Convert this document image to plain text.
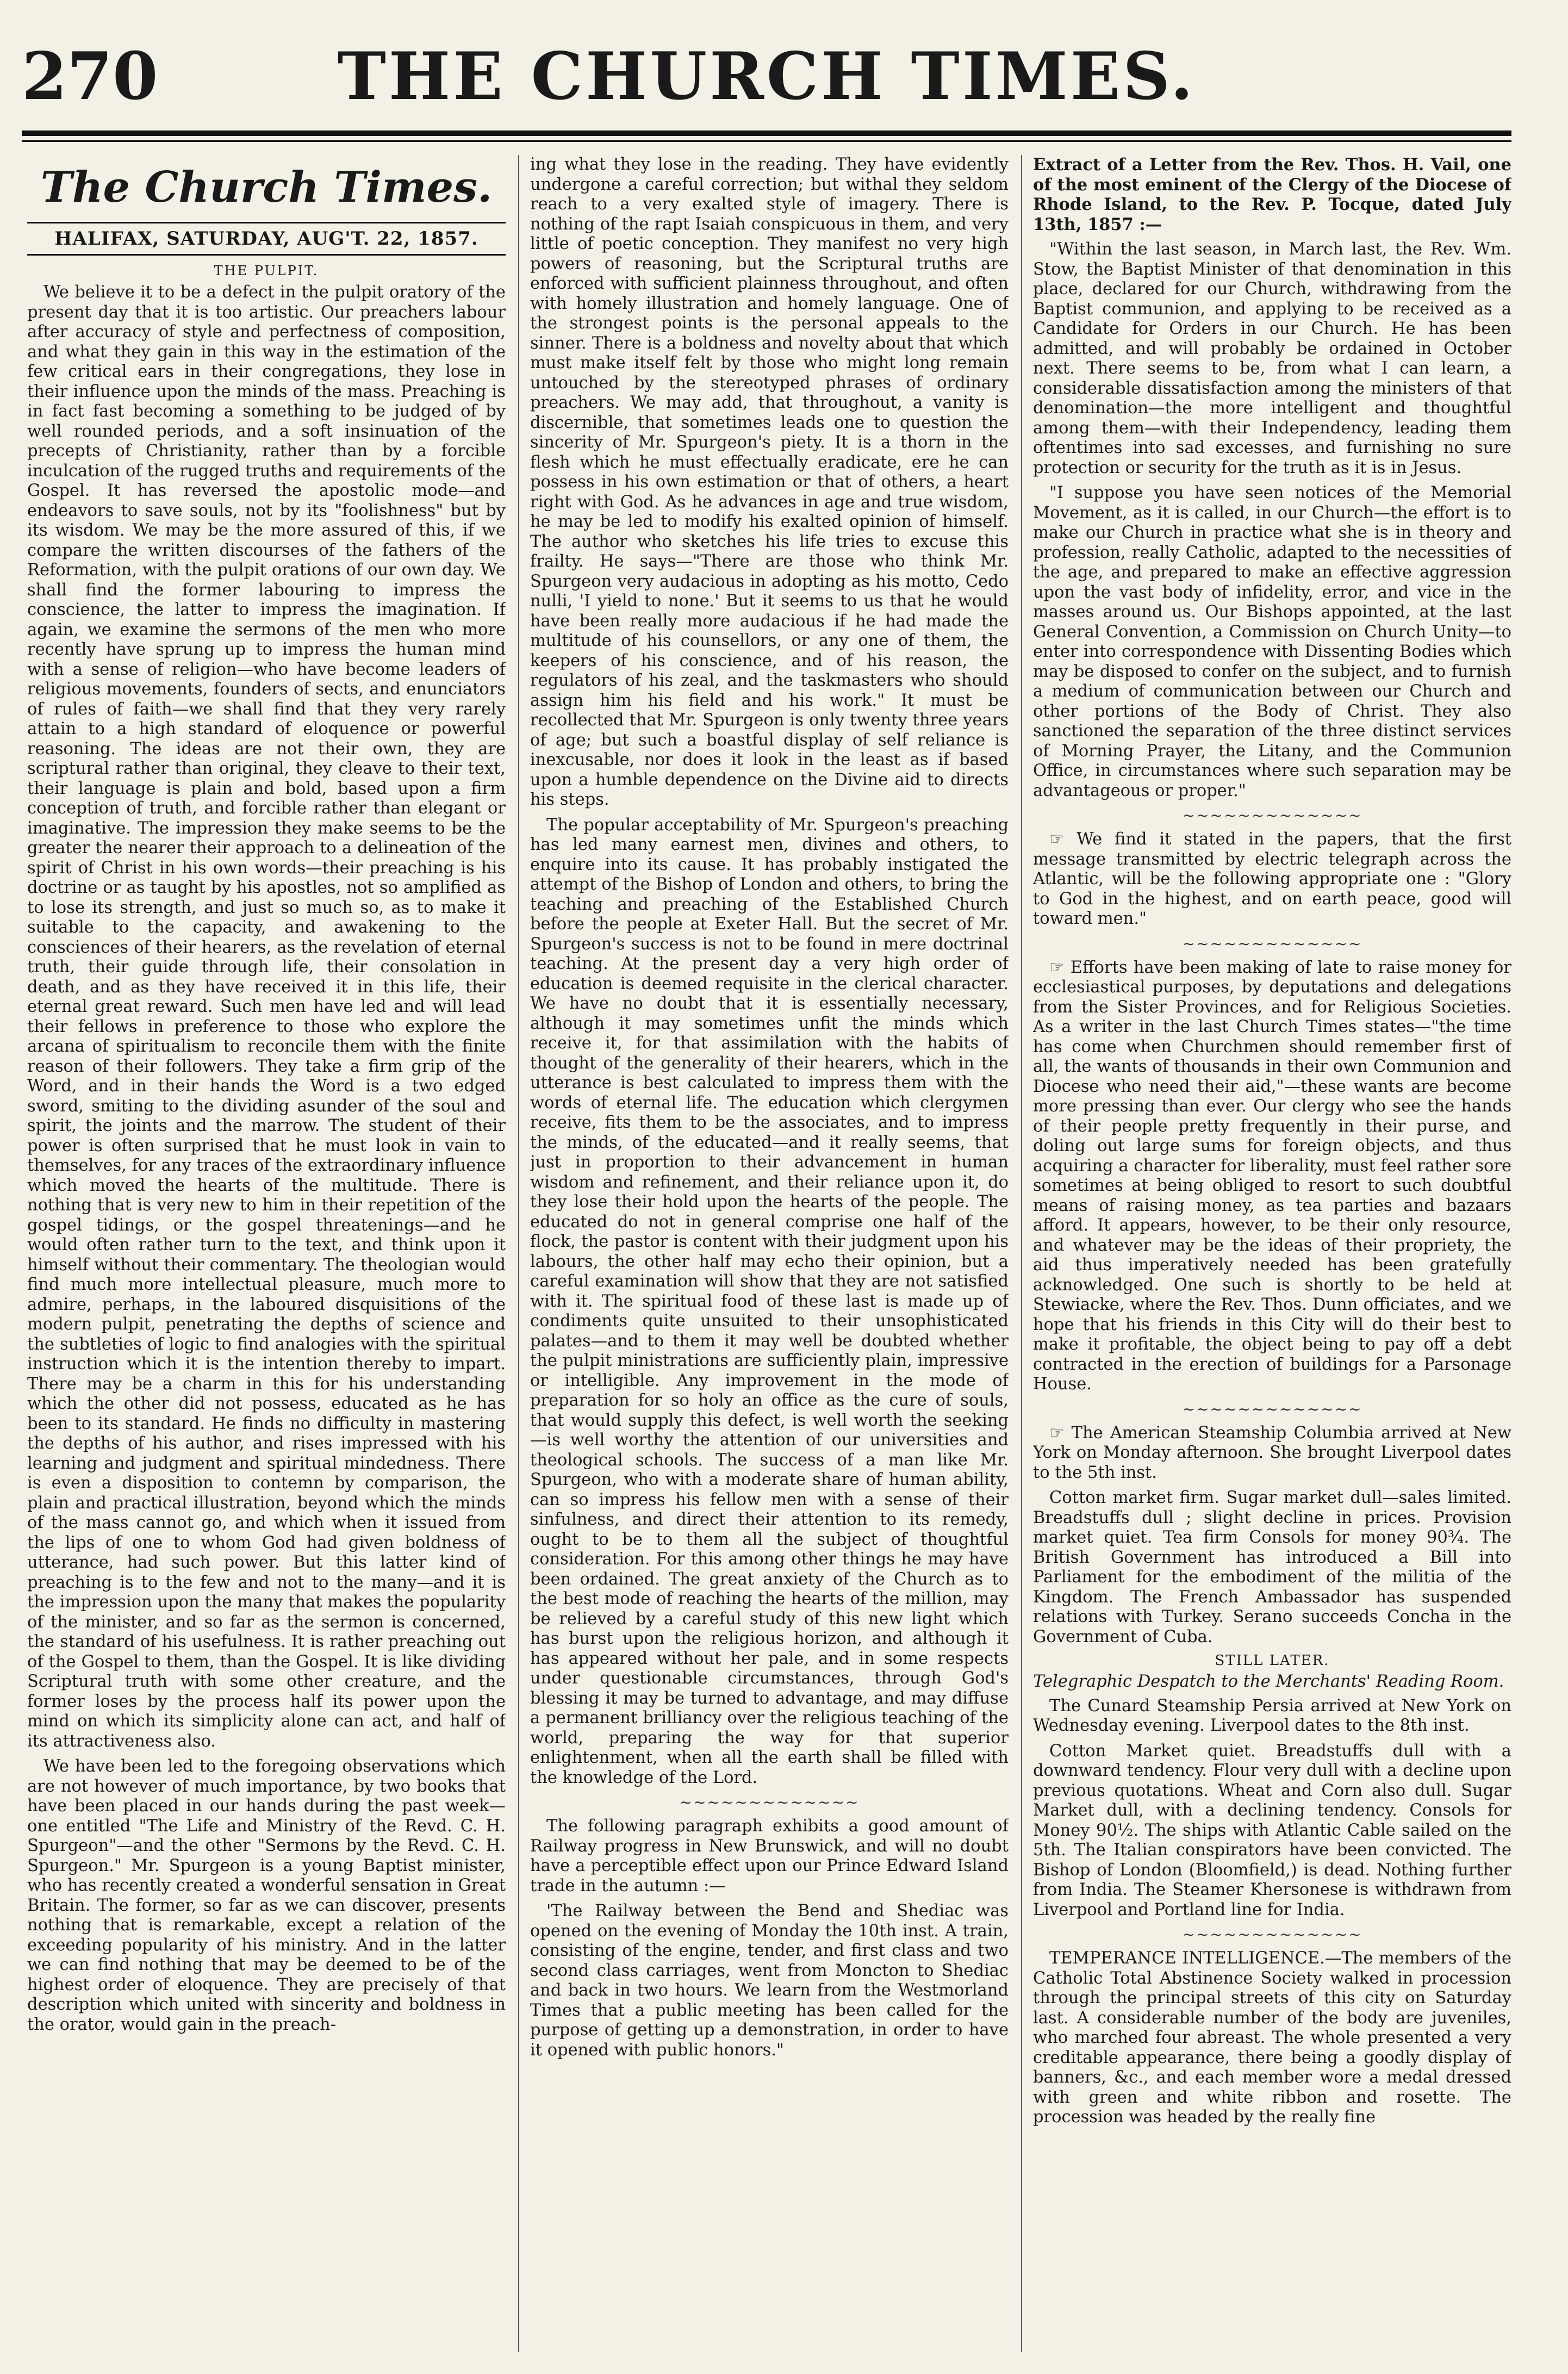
270	THE CHURCH TIMES.
The Church Times.
HALIFAX, SATURDAY, AUG'T. 22, 1857.
THE PULPIT.

We believe it to be a defect in the pulpit oratory of the present day that it is too artistic. Our preachers labour after accuracy of style and perfectness of composition, and what they gain in this way in the estimation of the few critical ears in their congregations, they lose in their influence upon the minds of the mass. Preaching is in fact fast becoming a something to be judged of by well rounded periods, and a soft insinuation of the precepts of Christianity, rather than by a forcible inculcation of the rugged truths and requirements of the Gospel. It has reversed the apostolic mode—and endeavors to save souls, not by its "foolishness" but by its wisdom. We may be the more assured of this, if we compare the written discourses of the fathers of the Reformation, with the pulpit orations of our own day. We shall find the former labouring to impress the conscience, the latter to impress the imagination. If again, we examine the sermons of the men who more recently have sprung up to impress the human mind with a sense of religion—who have become leaders of religious movements, founders of sects, and enunciators of rules of faith—we shall find that they very rarely attain to a high standard of eloquence or powerful reasoning. The ideas are not their own, they are scriptural rather than original, they cleave to their text, their language is plain and bold, based upon a firm conception of truth, and forcible rather than elegant or imaginative. The impression they make seems to be the greater the nearer their approach to a delineation of the spirit of Christ in his own words—their preaching is his doctrine or as taught by his apostles, not so amplified as to lose its strength, and just so much so, as to make it suitable to the capacity, and awakening to the consciences of their hearers, as the revelation of eternal truth, their guide through life, their consolation in death, and as they have received it in this life, their eternal great reward. Such men have led and will lead their fellows in preference to those who explore the arcana of spiritualism to reconcile them with the finite reason of their followers. They take a firm grip of the Word, and in their hands the Word is a two edged sword, smiting to the dividing asunder of the soul and spirit, the joints and the marrow. The student of their power is often surprised that he must look in vain to themselves, for any traces of the extraordinary influence which moved the hearts of the multitude. There is nothing that is very new to him in their repetition of the gospel tidings, or the gospel threatenings—and he would often rather turn to the text, and think upon it himself without their commentary. The theologian would find much more intellectual pleasure, much more to admire, perhaps, in the laboured disquisitions of the modern pulpit, penetrating the depths of science and the subtleties of logic to find analogies with the spiritual instruction which it is the intention thereby to impart. There may be a charm in this for his understanding which the other did not possess, educated as he has been to its standard. He finds no difficulty in mastering the depths of his author, and rises impressed with his learning and judgment and spiritual mindedness. There is even a disposition to contemn by comparison, the plain and practical illustration, beyond which the minds of the mass cannot go, and which when it issued from the lips of one to whom God had given boldness of utterance, had such power. But this latter kind of preaching is to the few and not to the many—and it is the impression upon the many that makes the popularity of the minister, and so far as the sermon is concerned, the standard of his usefulness. It is rather preaching out of the Gospel to them, than the Gospel. It is like dividing Scriptural truth with some other creature, and the former loses by the process half its power upon the mind on which its simplicity alone can act, and half of its attractiveness also.

We have been led to the foregoing observations which are not however of much importance, by two books that have been placed in our hands during the past week—one entitled "The Life and Ministry of the Revd. C. H. Spurgeon"—and the other "Sermons by the Revd. C. H. Spurgeon." Mr. Spurgeon is a young Baptist minister, who has recently created a wonderful sensation in Great Britain. The former, so far as we can discover, presents nothing that is remarkable, except a relation of the exceeding popularity of his ministry. And in the latter we can find nothing that may be deemed to be of the highest order of eloquence. They are precisely of that description which united with sincerity and boldness in the orator, would gain in the preach-

ing what they lose in the reading. They have evidently undergone a careful correction; but withal they seldom reach to a very exalted style of imagery. There is nothing of the rapt Isaiah conspicuous in them, and very little of poetic conception. They manifest no very high powers of reasoning, but the Scriptural truths are enforced with sufficient plainness throughout, and often with homely illustration and homely language. One of the strongest points is the personal appeals to the sinner. There is a boldness and novelty about that which must make itself felt by those who might long remain untouched by the stereotyped phrases of ordinary preachers. We may add, that throughout, a vanity is discernible, that sometimes leads one to question the sincerity of Mr. Spurgeon's piety. It is a thorn in the flesh which he must effectually eradicate, ere he can possess in his own estimation or that of others, a heart right with God. As he advances in age and true wisdom, he may be led to modify his exalted opinion of himself. The author who sketches his life tries to excuse this frailty. He says—"There are those who think Mr. Spurgeon very audacious in adopting as his motto, Cedo nulli, 'I yield to none.' But it seems to us that he would have been really more audacious if he had made the multitude of his counsellors, or any one of them, the keepers of his conscience, and of his reason, the regulators of his zeal, and the taskmasters who should assign him his field and his work." It must be recollected that Mr. Spurgeon is only twenty three years of age; but such a boastful display of self reliance is inexcusable, nor does it look in the least as if based upon a humble dependence on the Divine aid to directs his steps.

The popular acceptability of Mr. Spurgeon's preaching has led many earnest men, divines and others, to enquire into its cause. It has probably instigated the attempt of the Bishop of London and others, to bring the teaching and preaching of the Established Church before the people at Exeter Hall. But the secret of Mr. Spurgeon's success is not to be found in mere doctrinal teaching. At the present day a very high order of education is deemed requisite in the clerical character. We have no doubt that it is essentially necessary, although it may sometimes unfit the minds which receive it, for that assimilation with the habits of thought of the generality of their hearers, which in the utterance is best calculated to impress them with the words of eternal life. The education which clergymen receive, fits them to be the associates, and to impress the minds, of the educated—and it really seems, that just in proportion to their advancement in human wisdom and refinement, and their reliance upon it, do they lose their hold upon the hearts of the people. The educated do not in general comprise one half of the flock, the pastor is content with their judgment upon his labours, the other half may echo their opinion, but a careful examination will show that they are not satisfied with it. The spiritual food of these last is made up of condiments quite unsuited to their unsophisticated palates—and to them it may well be doubted whether the pulpit ministrations are sufficiently plain, impressive or intelligible. Any improvement in the mode of preparation for so holy an office as the cure of souls, that would supply this defect, is well worth the seeking—is well worthy the attention of our universities and theological schools. The success of a man like Mr. Spurgeon, who with a moderate share of human ability, can so impress his fellow men with a sense of their sinfulness, and direct their attention to its remedy, ought to be to them all the subject of thoughtful consideration. For this among other things he may have been ordained. The great anxiety of the Church as to the best mode of reaching the hearts of the million, may be relieved by a careful study of this new light which has burst upon the religious horizon, and although it has appeared without her pale, and in some respects under questionable circumstances, through God's blessing it may be turned to advantage, and may diffuse a permanent brilliancy over the religious teaching of the world, preparing the way for that superior enlightenment, when all the earth shall be filled with the knowledge of the Lord.

~~~~~~~~~~~~~

The following paragraph exhibits a good amount of Railway progress in New Brunswick, and will no doubt have a perceptible effect upon our Prince Edward Island trade in the autumn :—

'The Railway between the Bend and Shediac was opened on the evening of Monday the 10th inst. A train, consisting of the engine, tender, and first class and two second class carriages, went from Moncton to Shediac and back in two hours. We learn from the Westmorland Times that a public meeting has been called for the purpose of getting up a demonstration, in order to have it opened with public honors."

Extract of a Letter from the Rev. Thos. H. Vail, one of the most eminent of the Clergy of the Diocese of Rhode Island, to the Rev. P. Tocque, dated July 13th, 1857 :—

"Within the last season, in March last, the Rev. Wm. Stow, the Baptist Minister of that denomination in this place, declared for our Church, withdrawing from the Baptist communion, and applying to be received as a Candidate for Orders in our Church. He has been admitted, and will probably be ordained in October next. There seems to be, from what I can learn, a considerable dissatisfaction among the ministers of that denomination—the more intelligent and thoughtful among them—with their Independency, leading them oftentimes into sad excesses, and furnishing no sure protection or security for the truth as it is in Jesus.

"I suppose you have seen notices of the Memorial Movement, as it is called, in our Church—the effort is to make our Church in practice what she is in theory and profession, really Catholic, adapted to the necessities of the age, and prepared to make an effective aggression upon the vast body of infidelity, error, and vice in the masses around us. Our Bishops appointed, at the last General Convention, a Commission on Church Unity—to enter into correspondence with Dissenting Bodies which may be disposed to confer on the subject, and to furnish a medium of communication between our Church and other portions of the Body of Christ. They also sanctioned the separation of the three distinct services of Morning Prayer, the Litany, and the Communion Office, in circumstances where such separation may be advantageous or proper."

~~~~~~~~~~~~~

☞ We find it stated in the papers, that the first message transmitted by electric telegraph across the Atlantic, will be the following appropriate one : "Glory to God in the highest, and on earth peace, good will toward men."

~~~~~~~~~~~~~

☞ Efforts have been making of late to raise money for ecclesiastical purposes, by deputations and delegations from the Sister Provinces, and for Religious Societies. As a writer in the last Church Times states—"the time has come when Churchmen should remember first of all, the wants of thousands in their own Communion and Diocese who need their aid,"—these wants are become more pressing than ever. Our clergy who see the hands of their people pretty frequently in their purse, and doling out large sums for foreign objects, and thus acquiring a character for liberality, must feel rather sore sometimes at being obliged to resort to such doubtful means of raising money, as tea parties and bazaars afford. It appears, however, to be their only resource, and whatever may be the ideas of their propriety, the aid thus imperatively needed has been gratefully acknowledged. One such is shortly to be held at Stewiacke, where the Rev. Thos. Dunn officiates, and we hope that his friends in this City will do their best to make it profitable, the object being to pay off a debt contracted in the erection of buildings for a Parsonage House.

~~~~~~~~~~~~~

☞ The American Steamship Columbia arrived at New York on Monday afternoon. She brought Liverpool dates to the 5th inst.

Cotton market firm. Sugar market dull—sales limited. Breadstuffs dull ; slight decline in prices. Provision market quiet. Tea firm Consols for money 90¾. The British Government has introduced a Bill into Parliament for the embodiment of the militia of the Kingdom. The French Ambassador has suspended relations with Turkey. Serano succeeds Concha in the Government of Cuba.

STILL LATER.
Telegraphic Despatch to the Merchants' Reading Room.

The Cunard Steamship Persia arrived at New York on Wednesday evening. Liverpool dates to the 8th inst.

Cotton Market quiet. Breadstuffs dull with a downward tendency. Flour very dull with a decline upon previous quotations. Wheat and Corn also dull. Sugar Market dull, with a declining tendency. Consols for Money 90½. The ships with Atlantic Cable sailed on the 5th. The Italian conspirators have been convicted. The Bishop of London (Bloomfield,) is dead. Nothing further from India. The Steamer Khersonese is withdrawn from Liverpool and Portland line for India.

~~~~~~~~~~~~~

TEMPERANCE INTELLIGENCE.—The members of the Catholic Total Abstinence Society walked in procession through the principal streets of this city on Saturday last. A considerable number of the body are juveniles, who marched four abreast. The whole presented a very creditable appearance, there being a goodly display of banners, &c., and each member wore a medal dressed with green and white ribbon and rosette. The procession was headed by the really fine
